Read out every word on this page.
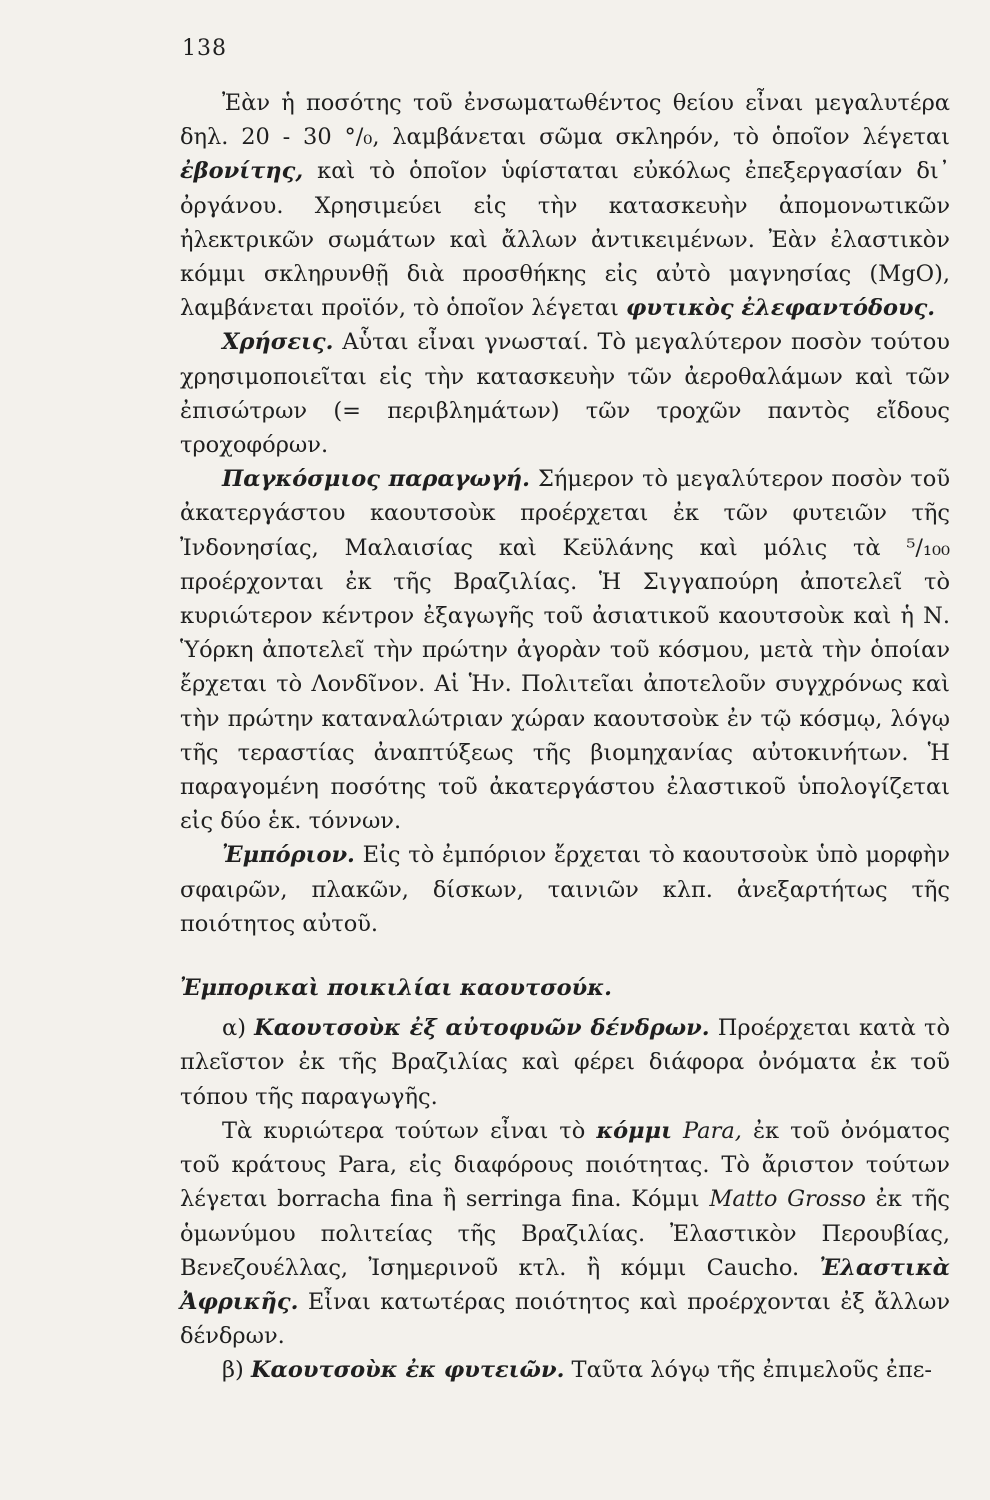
138

Ἐὰν ἡ ποσότης τοῦ ἐνσωματωθέντος θείου εἶναι μεγαλυτέρα δηλ. 20 - 30 °/₀, λαμβάνεται σῶμα σκληρόν, τὸ ὁποῖον λέγεται ἐβονίτης, καὶ τὸ ὁποῖον ὑφίσταται εὐκόλως ἐπεξεργασίαν δι᾽ ὀργάνου. Χρησιμεύει εἰς τὴν κατασκευὴν ἀπομονωτικῶν ἠλεκτρικῶν σωμάτων καὶ ἄλλων ἀντικειμένων. Ἐὰν ἐλαστικὸν κόμμι σκληρυνθῇ διὰ προσθήκης εἰς αὐτὸ μαγνησίας (MgO), λαμβάνεται προϊόν, τὸ ὁποῖον λέγεται φυτικὸς ἐλεφαντόδους.

Χρήσεις. Αὗται εἶναι γνωσταί. Τὸ μεγαλύτερον ποσὸν τούτου χρησιμοποιεῖται εἰς τὴν κατασκευὴν τῶν ἀεροθαλάμων καὶ τῶν ἐπισώτρων (= περιβλημάτων) τῶν τροχῶν παντὸς εἴδους τροχοφόρων.

Παγκόσμιος παραγωγή. Σήμερον τὸ μεγαλύτερον ποσὸν τοῦ ἀκατεργάστου καουτσοὺκ προέρχεται ἐκ τῶν φυτειῶν τῆς Ἰνδονησίας, Μαλαισίας καὶ Κεϋλάνης καὶ μόλις τὰ ⁵/₁₀₀ προέρχονται ἐκ τῆς Βραζιλίας. Ἡ Σιγγαπούρη ἀποτελεῖ τὸ κυριώτερον κέντρον ἐξαγωγῆς τοῦ ἀσιατικοῦ καουτσοὺκ καὶ ἡ Ν. Ὑόρκη ἀποτελεῖ τὴν πρώτην ἀγορὰν τοῦ κόσμου, μετὰ τὴν ὁποίαν ἔρχεται τὸ Λονδῖνον. Αἱ Ἡν. Πολιτεῖαι ἀποτελοῦν συγχρόνως καὶ τὴν πρώτην καταναλώτριαν χώραν καουτσοὺκ ἐν τῷ κόσμῳ, λόγῳ τῆς τεραστίας ἀναπτύξεως τῆς βιομηχανίας αὐτοκινήτων. Ἡ παραγομένη ποσότης τοῦ ἀκατεργάστου ἐλαστικοῦ ὑπολογίζεται εἰς δύο ἑκ. τόννων.

Ἐμπόριον. Εἰς τὸ ἐμπόριον ἔρχεται τὸ καουτσοὺκ ὑπὸ μορφὴν σφαιρῶν, πλακῶν, δίσκων, ταινιῶν κλπ. ἀνεξαρτήτως τῆς ποιότητος αὐτοῦ.

Ἐμπορικαὶ ποικιλίαι καουτσούκ.

α) Καουτσοὺκ ἐξ αὐτοφυῶν δένδρων. Προέρχεται κατὰ τὸ πλεῖστον ἐκ τῆς Βραζιλίας καὶ φέρει διάφορα ὀνόματα ἐκ τοῦ τόπου τῆς παραγωγῆς.

Τὰ κυριώτερα τούτων εἶναι τὸ κόμμι Para, ἐκ τοῦ ὀνόματος τοῦ κράτους Para, εἰς διαφόρους ποιότητας. Τὸ ἄριστον τούτων λέγεται borracha fina ἢ serringa fina. Κόμμι Matto Grosso ἐκ τῆς ὁμωνύμου πολιτείας τῆς Βραζιλίας. Ἐλαστικὸν Περουβίας, Βενεζουέλλας, Ἰσημερινοῦ κτλ. ἢ κόμμι Caucho. Ἐλαστικὰ Ἀφρικῆς. Εἶναι κατωτέρας ποιότητος καὶ προέρχονται ἐξ ἄλλων δένδρων.

β) Καουτσοὺκ ἐκ φυτειῶν. Ταῦτα λόγῳ τῆς ἐπιμελοῦς ἐπε-
